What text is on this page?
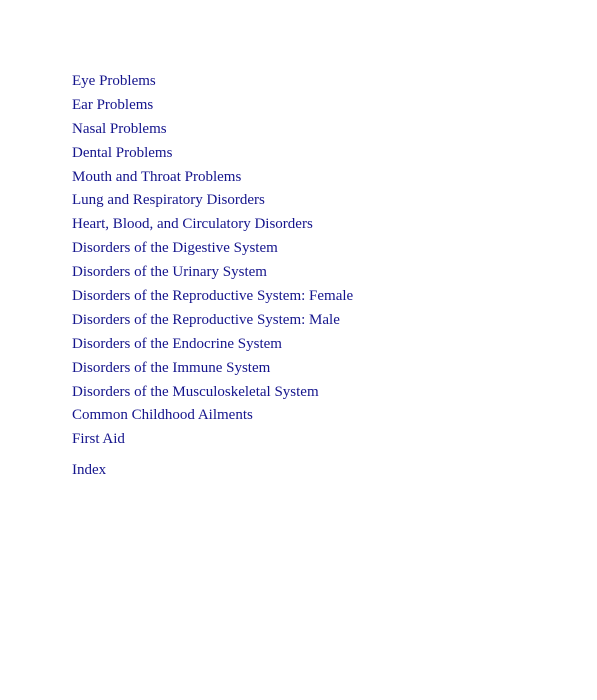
Eye Problems
Ear Problems
Nasal Problems
Dental Problems
Mouth and Throat Problems
Lung and Respiratory Disorders
Heart, Blood, and Circulatory Disorders
Disorders of the Digestive System
Disorders of the Urinary System
Disorders of the Reproductive System: Female
Disorders of the Reproductive System: Male
Disorders of the Endocrine System
Disorders of the Immune System
Disorders of the Musculoskeletal System
Common Childhood Ailments
First Aid
Index
